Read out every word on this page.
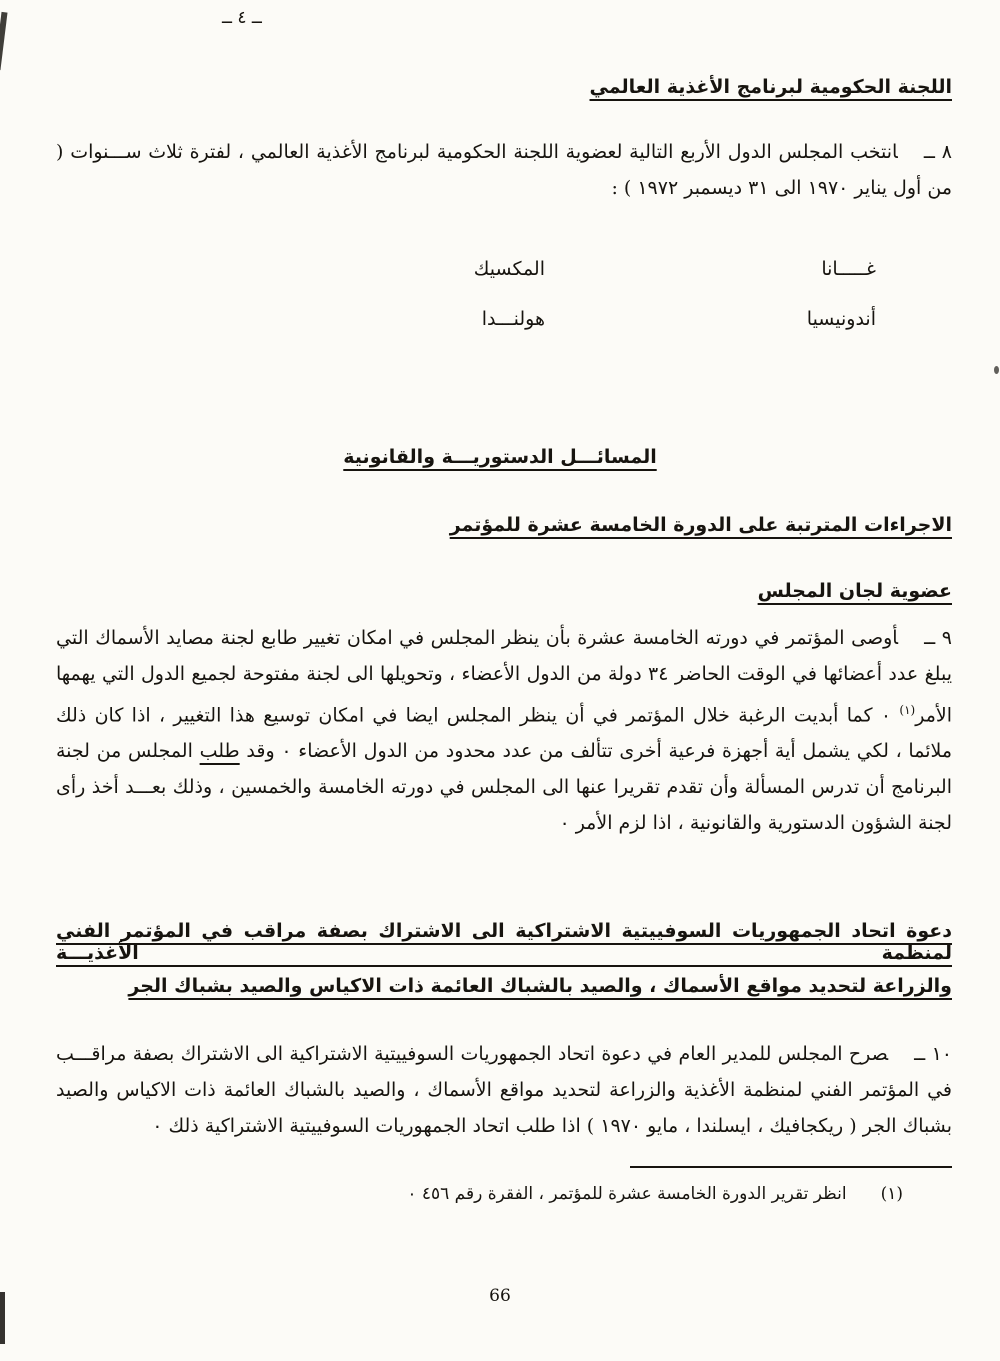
ــ ٤ ــ
اللجنة الحكومية لبرنامج الأغذية العالمي
٨ ــانتخب المجلس الدول الأربع التالية لعضوية اللجنة الحكومية لبرنامج الأغذية العالمي ، لفترة ثلاث ســـنوات ( من أول يناير ١٩٧٠ الى ٣١ ديسمبر ١٩٧٢ ) :
غـــــانا
أندونيسيا
المكسيك
هولنـــدا
المسائـــل الدستوريـــة والقانونية
الاجراءات المترتبة على الدورة الخامسة عشرة للمؤتمر
عضوية لجان المجلس
٩ ــأوصى المؤتمر في دورته الخامسة عشرة بأن ينظر المجلس في امكان تغيير طابع لجنة مصايد الأسماك التي يبلغ عدد أعضائها في الوقت الحاضر ٣٤ دولة من الدول الأعضاء ، وتحويلها الى لجنة مفتوحة لجميع الدول التي يهمها الأمر$^{(١)}$ ٠ كما أبديت الرغبة خلال المؤتمر في أن ينظر المجلس ايضا في امكان توسيع هذا التغيير ، اذا كان ذلك ملائما ، لكي يشمل أية أجهزة فرعية أخرى تتألف من عدد محدود من الدول الأعضاء ٠ وقد طلب المجلس من لجنة البرنامج أن تدرس المسألة وأن تقدم تقريرا عنها الى المجلس في دورته الخامسة والخمسين ، وذلك بعـــد أخذ رأى لجنة الشؤون الدستورية والقانونية ، اذا لزم الأمر ٠
دعوة اتحاد الجمهوريات السوفييتية الاشتراكية الى الاشتراك بصفة مراقب في المؤتمر الفني لمنظمة الأغذيـــة
والزراعة لتحديد مواقع الأسماك ، والصيد بالشباك العائمة ذات الاكياس والصيد بشباك الجر
١٠ ــصرح المجلس للمدير العام في دعوة اتحاد الجمهوريات السوفييتية الاشتراكية الى الاشتراك بصفة مراقـــب في المؤتمر الفني لمنظمة الأغذية والزراعة لتحديد مواقع الأسماك ، والصيد بالشباك العائمة ذات الاكياس والصيد بشباك الجر ( ريكجافيك ، ايسلندا ، مايو ١٩٧٠ ) اذا طلب اتحاد الجمهوريات السوفييتية الاشتراكية ذلك ٠
(١)
انظر تقرير الدورة الخامسة عشرة للمؤتمر ، الفقرة رقم ٤٥٦ ٠
66
